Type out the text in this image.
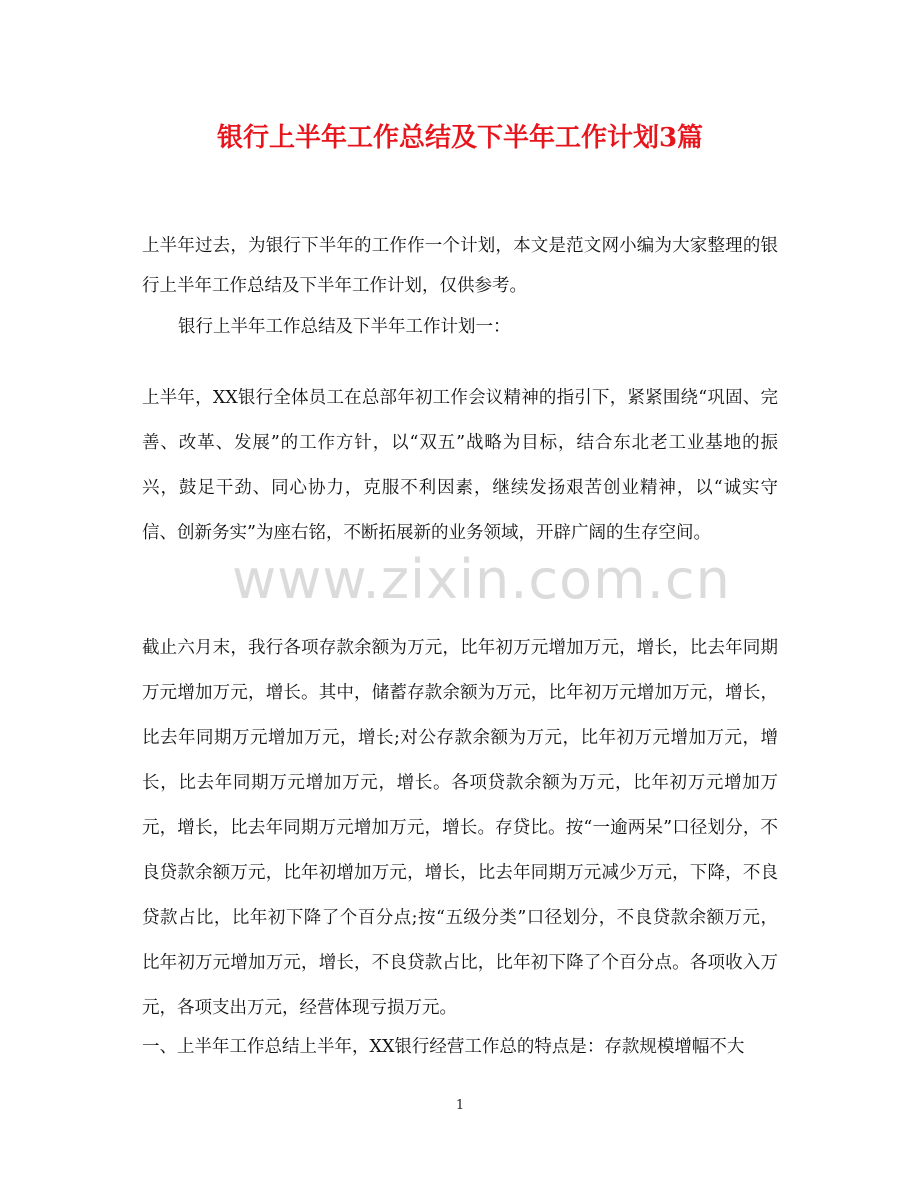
银行上半年工作总结及下半年工作计划3篇

上半年过去，为银行下半年的工作作一个计划，本文是范文网小编为大家整理的银行上半年工作总结及下半年工作计划，仅供参考。

银行上半年工作总结及下半年工作计划一：

上半年，XX银行全体员工在总部年初工作会议精神的指引下，紧紧围绕“巩固、完善、改革、发展”的工作方针，以“双五”战略为目标，结合东北老工业基地的振兴，鼓足干劲、同心协力，克服不利因素，继续发扬艰苦创业精神，以“诚实守信、创新务实”为座右铭，不断拓展新的业务领域，开辟广阔的生存空间。

截止六月末，我行各项存款余额为万元，比年初万元增加万元，增长，比去年同期万元增加万元，增长。其中，储蓄存款余额为万元，比年初万元增加万元，增长，比去年同期万元增加万元，增长;对公存款余额为万元，比年初万元增加万元，增长，比去年同期万元增加万元，增长。各项贷款余额为万元，比年初万元增加万元，增长，比去年同期万元增加万元，增长。存贷比。按“一逾两呆”口径划分，不良贷款余额万元，比年初增加万元，增长，比去年同期万元减少万元，下降，不良贷款占比，比年初下降了个百分点;按“五级分类”口径划分，不良贷款余额万元，比年初万元增加万元，增长，不良贷款占比，比年初下降了个百分点。各项收入万元，各项支出万元，经营体现亏损万元。

一、上半年工作总结上半年，XX银行经营工作总的特点是：存款规模增幅不大

www.zixin.com.cn
1
